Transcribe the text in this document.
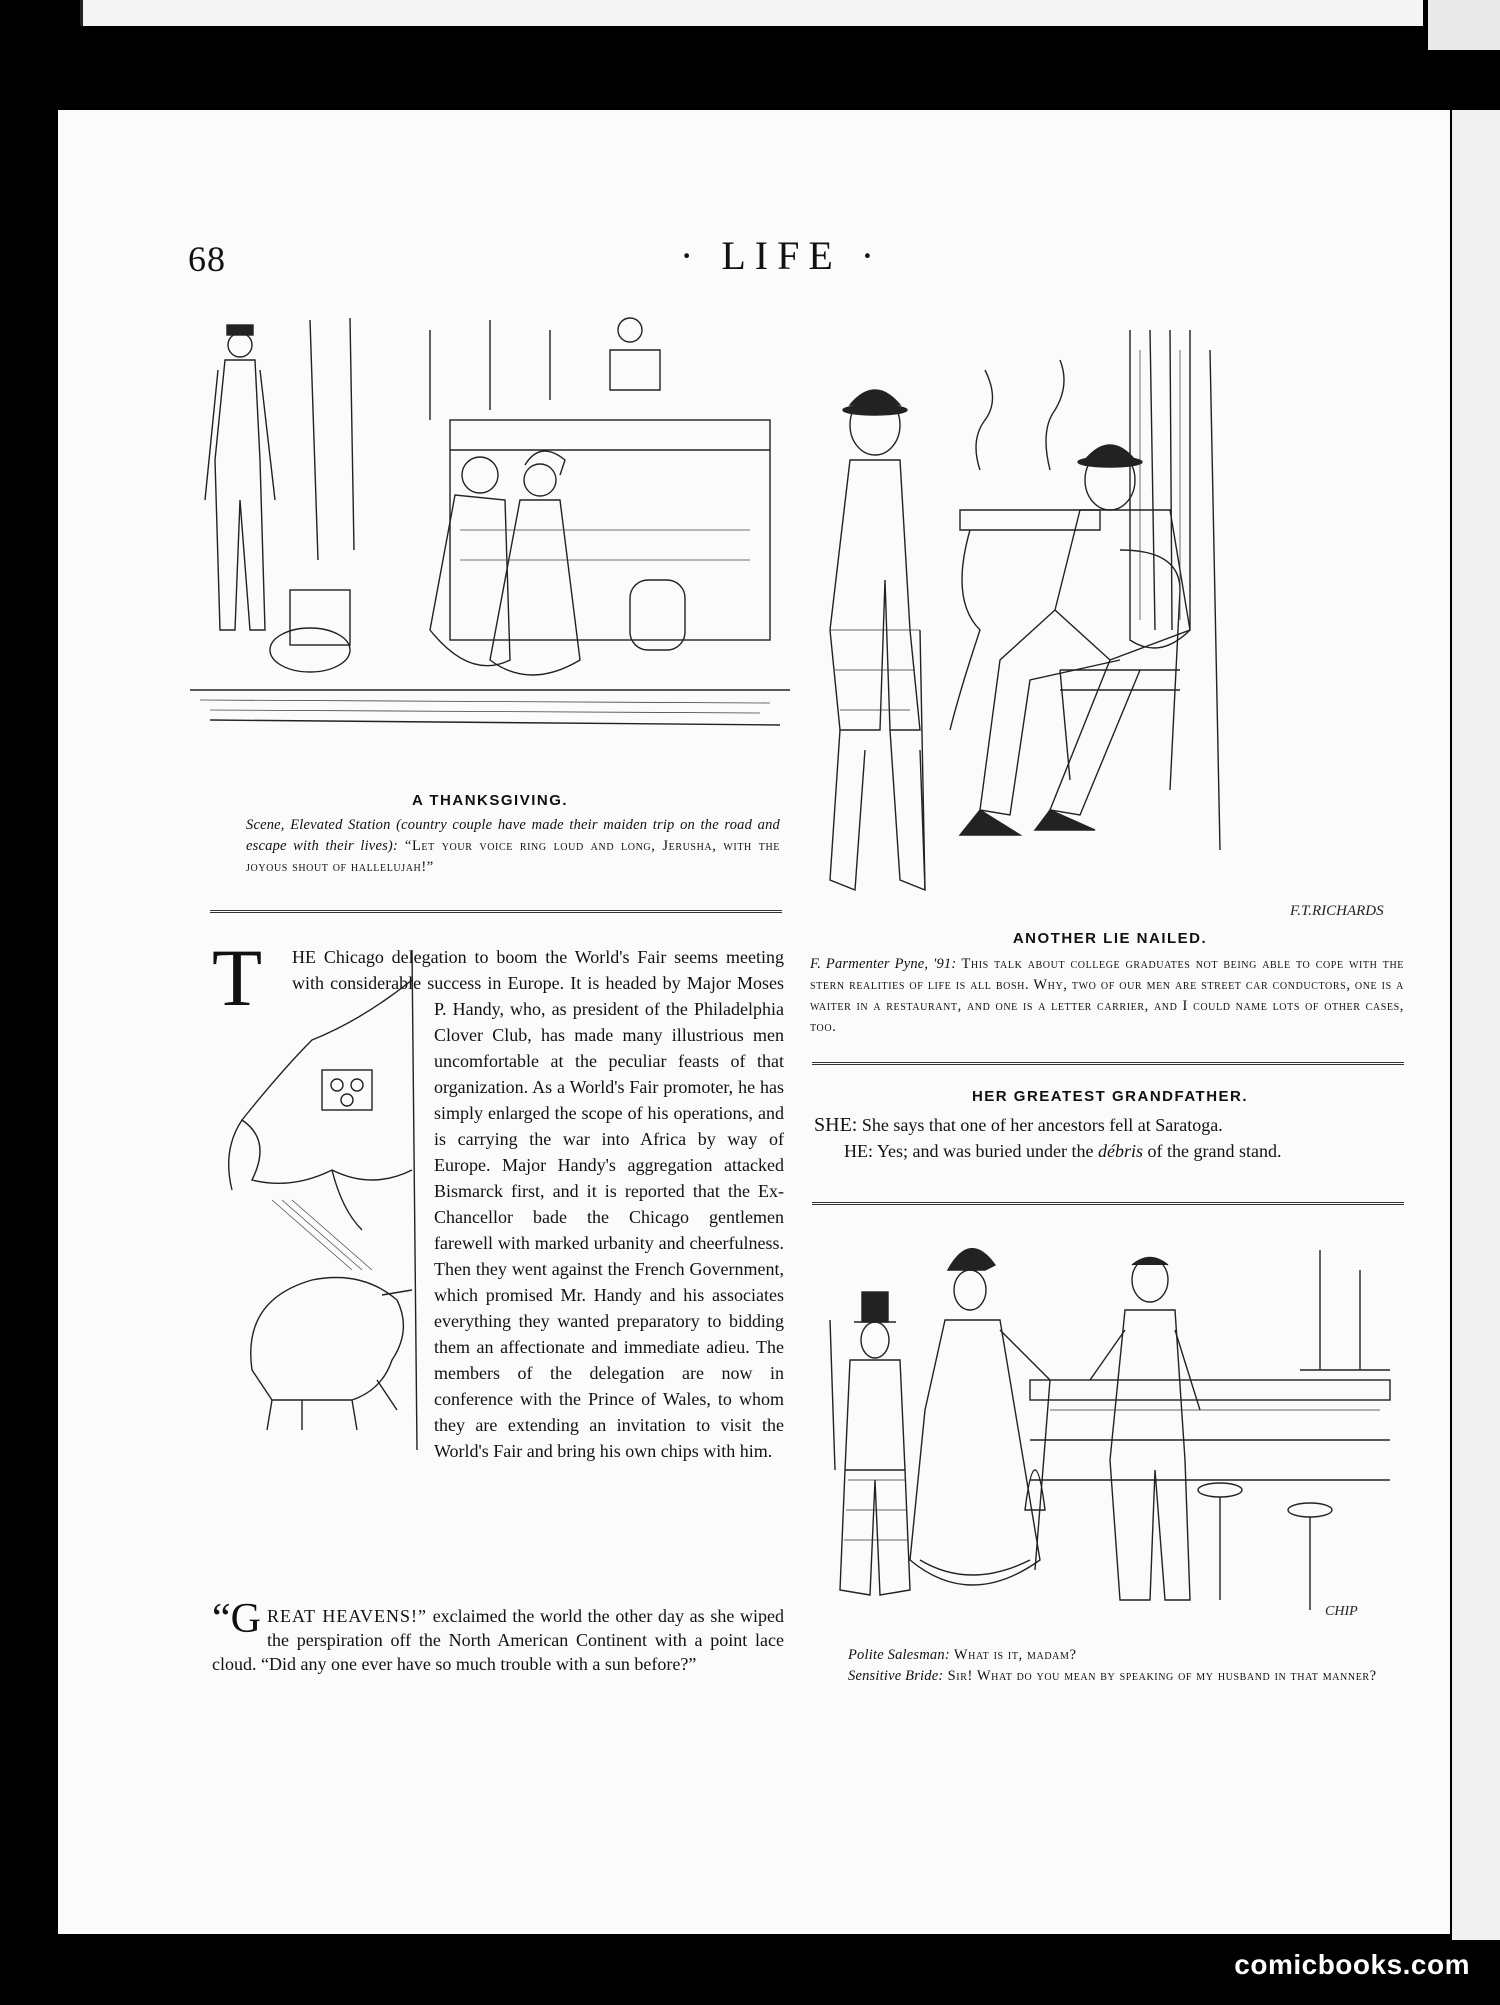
68	· LIFE ·

A THANKSGIVING.

Scene, Elevated Station (country couple have made their maiden trip on the road and escape with their lives): “Let your voice ring loud and long, Jerusha, with the joyous shout of hallelujah!”

F.T.RICHARDS

ANOTHER LIE NAILED.

F. Parmenter Pyne, '91: This talk about college graduates not being able to cope with the stern realities of life is all bosh. Why, two of our men are street car conductors, one is a waiter in a restaurant, and one is a letter carrier, and I could name lots of other cases, too.

HER GREATEST GRANDFATHER.

SHE: She says that one of her ancestors fell at Saratoga.
HE: Yes; and was buried under the débris of the grand stand.
CHIP
Polite Salesman: What is it, madam?
Sensitive Bride: Sir! What do you mean by speaking of my husband in that manner?

T	HE Chicago delegation to boom the World's Fair seems meeting with considerable success in Europe. It is headed by Major Moses P. Handy, who, as president of the Philadelphia Clover Club, has made many illustrious men uncomfortable at the peculiar feasts of that organization. As a World's Fair promoter, he has simply enlarged the scope of his operations, and is carrying the war into Africa by way of Europe. Major Handy's aggregation attacked Bismarck first, and it is reported that the Ex-Chancellor bade the Chicago gentlemen farewell with marked urbanity and cheerfulness. Then they went against the French Government, which promised Mr. Handy and his associates everything they wanted preparatory to bidding them an affectionate and immediate adieu. The members of the delegation are now in conference with the Prince of Wales, to whom they are extending an invitation to visit the World's Fair and bring his own chips with him.

“G REAT HEAVENS!” exclaimed the world the other day as she wiped the perspiration off the North American Continent with a point lace cloud. “Did any one ever have so much trouble with a sun before?”

comicbooks.com
